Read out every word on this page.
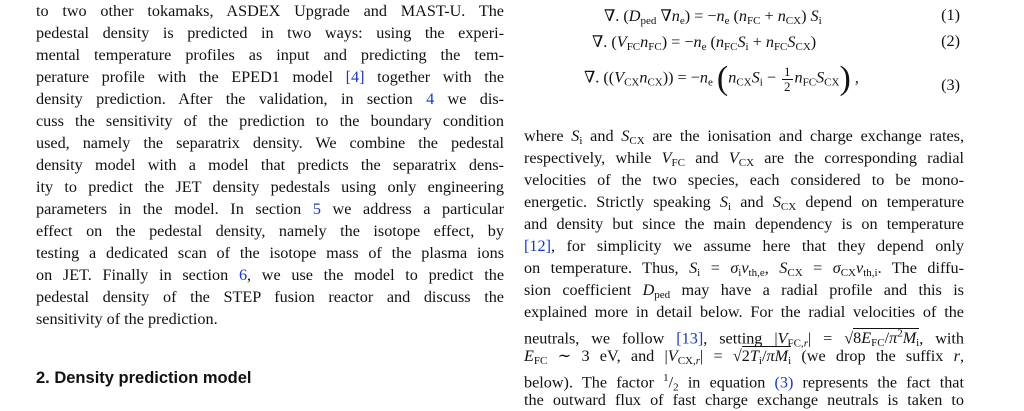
to two other tokamaks, ASDEX Upgrade and MAST-U. The
pedestal density is predicted in two ways: using the experi-
mental temperature profiles as input and predicting the tem-
perature profile with the EPED1 model [4] together with the
density prediction. After the validation, in section 4 we dis-
cuss the sensitivity of the prediction to the boundary condition
used, namely the separatrix density. We combine the pedestal
density model with a model that predicts the separatrix dens-
ity to predict the JET density pedestals using only engineering
parameters in the model. In section 5 we address a particular
effect on the pedestal density, namely the isotope effect, by
testing a dedicated scan of the isotope mass of the plasma ions
on JET. Finally in section 6, we use the model to predict the
pedestal density of the STEP fusion reactor and discuss the
sensitivity of the prediction.
2. Density prediction model
∇. ($D_{ped}$ $\nabla n_e) = -n_e$ $(n_{FC} + n_{CX})$ $S_i$	(1)
∇. $(V_{FC}n_{FC}) = -n_e$ $(n_{FC}S_i + n_{FC}S_{CX})$	(2)
∇. $((V_{CX}n_{CX})) = -n_e$ $(n_{CX}S_i - \frac{1}{2} n_{FC}S_{CX})$ ,	(3)
where $S_i$ and $S_{CX}$ are the ionisation and charge exchange rates,
respectively, while $V_{FC}$ and $V_{CX}$ are the corresponding radial
velocities of the two species, each considered to be mono-
energetic. Strictly speaking $S_i$ and $S_{CX}$ depend on temperature
and density but since the main dependency is on temperature
[12], for simplicity we assume here that they depend only
on temperature. Thus, $S_i = \sigma_iv_{th,e}$, $S_{CX} = \sigma_{CX}v_{th,i}$. The diffu-
sion coefficient $D_{ped}$ may have a radial profile and this is
explained more in detail below. For the radial velocities of the
neutrals, we follow [13], setting $|V_{FC,r}| = √8E_{FC}/\pi^2M_i$, with
$E_{FC}$ ∼ 3 eV, and $|V_{CX,r}| = √2T_i/\pi M_i$ (we drop the suffix r,
below). The factor $^1/_2$ in equation (3) represents the fact that
the outward flux of fast charge exchange neutrals is taken to
